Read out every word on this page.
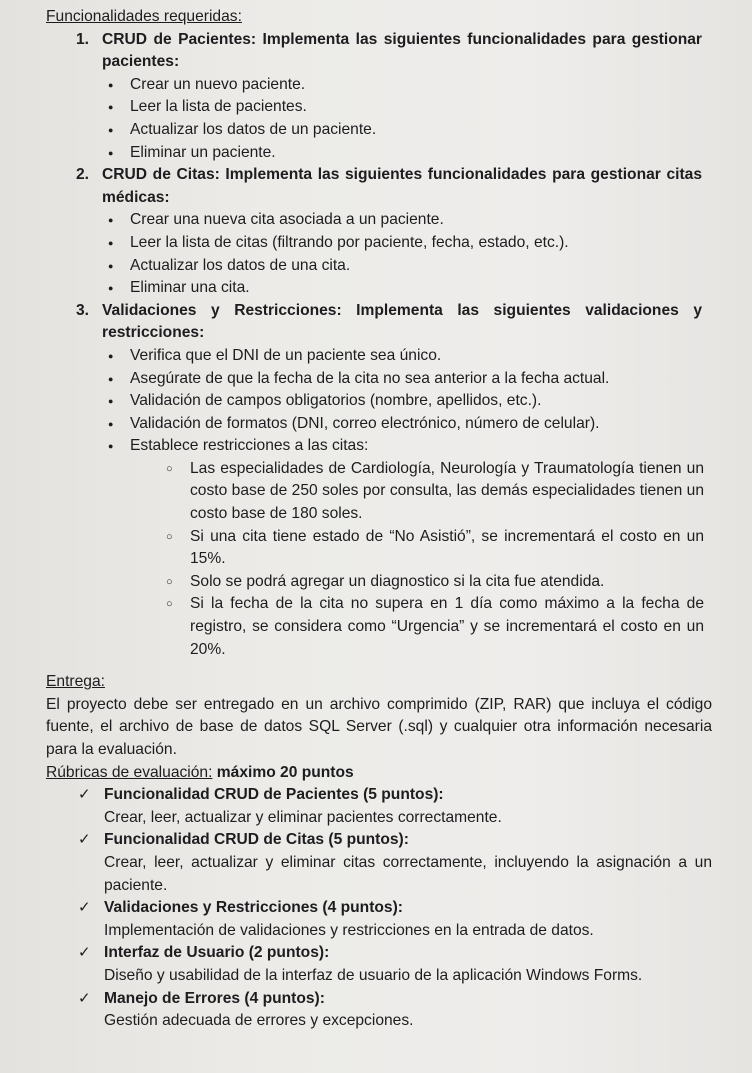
Funcionalidades requeridas:
1. CRUD de Pacientes: Implementa las siguientes funcionalidades para gestionar pacientes:
● Crear un nuevo paciente.
● Leer la lista de pacientes.
● Actualizar los datos de un paciente.
● Eliminar un paciente.
2. CRUD de Citas: Implementa las siguientes funcionalidades para gestionar citas médicas:
● Crear una nueva cita asociada a un paciente.
● Leer la lista de citas (filtrando por paciente, fecha, estado, etc.).
● Actualizar los datos de una cita.
● Eliminar una cita.
3. Validaciones y Restricciones: Implementa las siguientes validaciones y restricciones:
● Verifica que el DNI de un paciente sea único.
● Asegúrate de que la fecha de la cita no sea anterior a la fecha actual.
● Validación de campos obligatorios (nombre, apellidos, etc.).
● Validación de formatos (DNI, correo electrónico, número de celular).
● Establece restricciones a las citas:
○ Las especialidades de Cardiología, Neurología y Traumatología tienen un costo base de 250 soles por consulta, las demás especialidades tienen un costo base de 180 soles.
○ Si una cita tiene estado de “No Asistió”, se incrementará el costo en un 15%.
○ Solo se podrá agregar un diagnostico si la cita fue atendida.
○ Si la fecha de la cita no supera en 1 día como máximo a la fecha de registro, se considera como “Urgencia” y se incrementará el costo en un 20%.
Entrega:
El proyecto debe ser entregado en un archivo comprimido (ZIP, RAR) que incluya el código fuente, el archivo de base de datos SQL Server (.sql) y cualquier otra información necesaria para la evaluación.
Rúbricas de evaluación: máximo 20 puntos
✓ Funcionalidad CRUD de Pacientes (5 puntos):
Crear, leer, actualizar y eliminar pacientes correctamente.
✓ Funcionalidad CRUD de Citas (5 puntos):
Crear, leer, actualizar y eliminar citas correctamente, incluyendo la asignación a un paciente.
✓ Validaciones y Restricciones (4 puntos):
Implementación de validaciones y restricciones en la entrada de datos.
✓ Interfaz de Usuario (2 puntos):
Diseño y usabilidad de la interfaz de usuario de la aplicación Windows Forms.
✓ Manejo de Errores (4 puntos):
Gestión adecuada de errores y excepciones.
